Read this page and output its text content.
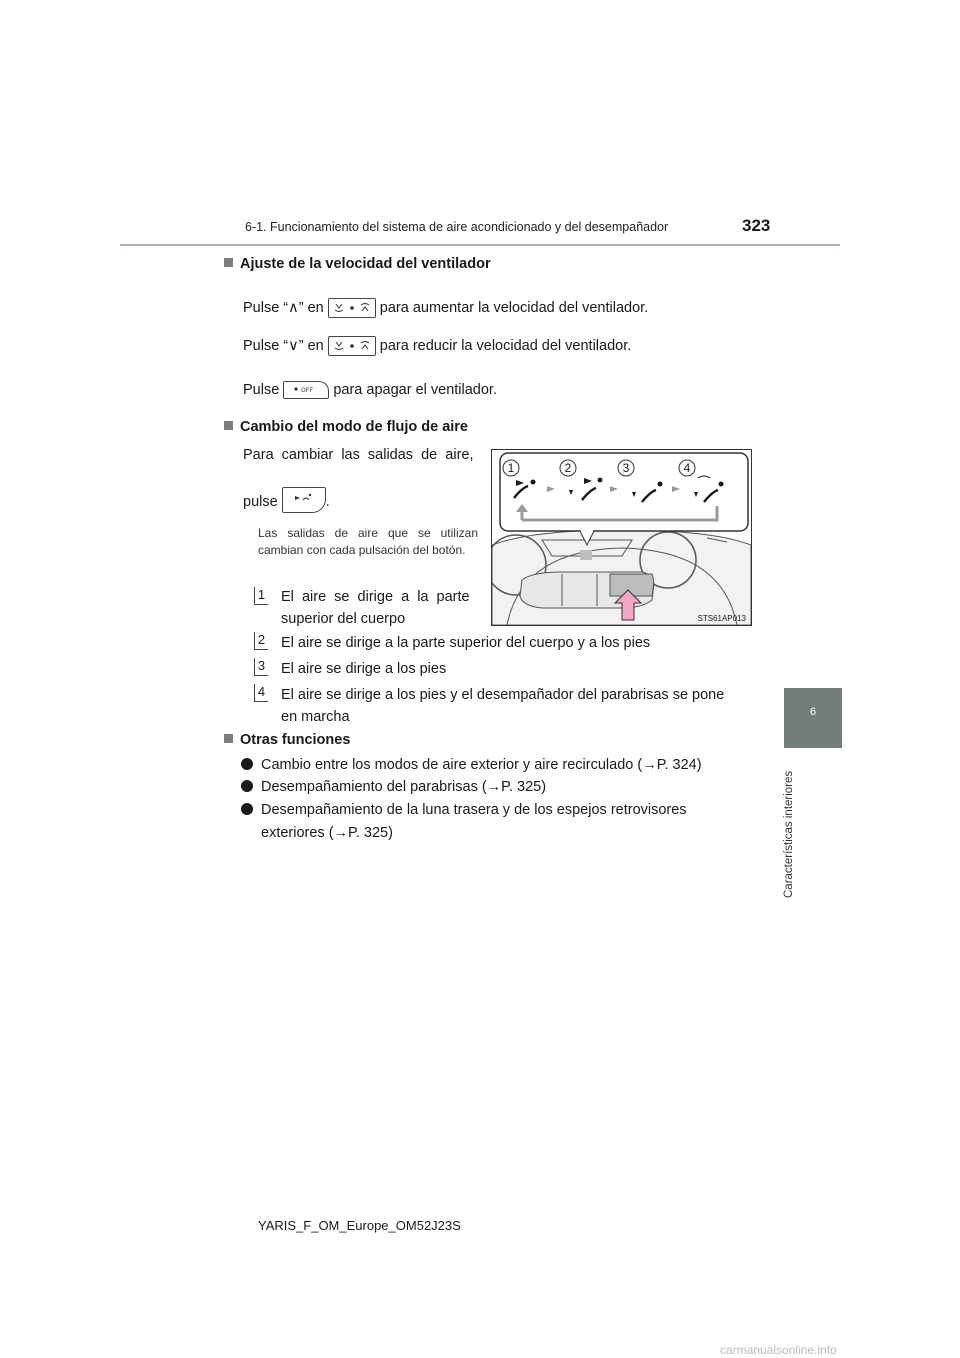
6-1. Funcionamiento del sistema de aire acondicionado y del desempañador	323
6
Características interiores
Ajuste de la velocidad del ventilador
Pulse “∧” en	para aumentar la velocidad del ventilador.
Pulse “∨” en	para reducir la velocidad del ventilador.
Pulse	OFF para apagar el ventilador.
Cambio del modo de flujo de aire
Para  cambiar  las  salidas  de  aire,
pulse	.
Las salidas de aire que se utilizan cambian con cada pulsación del botón.
1 El  aire  se  dirige  a  la  parte
superior del cuerpo
2 El aire se dirige a la parte superior del cuerpo y a los pies
3 El aire se dirige a los pies
4 El aire se dirige a los pies y el desempañador del parabrisas se pone
en marcha
1	2	3	4
STS61AP013
Otras funciones
Cambio entre los modos de aire exterior y aire recirculado (→P. 324)
Desempañamiento del parabrisas (→P. 325)
Desempañamiento de la luna trasera y de los espejos retrovisores
exteriores (→P. 325)
YARIS_F_OM_Europe_OM52J23S
carmanualsonline.info
